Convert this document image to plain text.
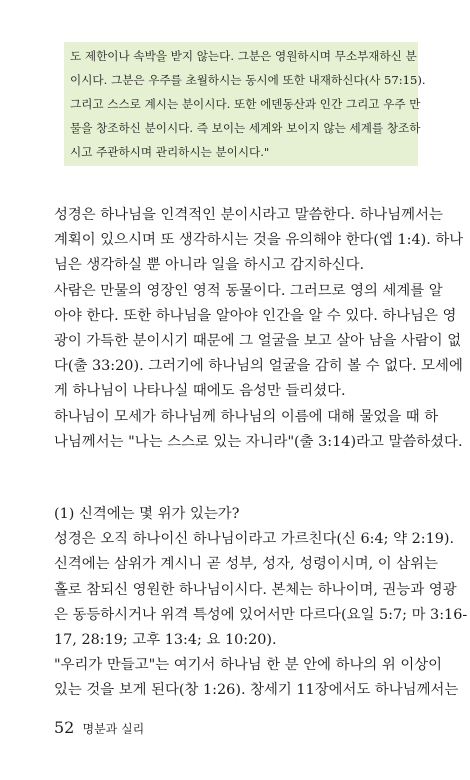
도 제한이나 속박을 받지 않는다. 그분은 영원하시며 무소부재하신 분

이시다. 그분은 우주를 초월하시는 동시에 또한 내재하신다(사 57:15).

그리고 스스로 계시는 분이시다. 또한 에덴동산과 인간 그리고 우주 만

물을 창조하신 분이시다. 즉 보이는 세계와 보이지 않는 세계를 창조하

시고 주관하시며 관리하시는 분이시다."

성경은 하나님을 인격적인 분이시라고 말씀한다. 하나님께서는

계획이 있으시며 또 생각하시는 것을 유의해야 한다(엡 1:4). 하나

님은 생각하실 뿐 아니라 일을 하시고 감지하신다.

사람은 만물의 영장인 영적 동물이다. 그러므로 영의 세계를 알

아야 한다. 또한 하나님을 알아야 인간을 알 수 있다. 하나님은 영

광이 가득한 분이시기 때문에 그 얼굴을 보고 살아 남을 사람이 없

다(출 33:20). 그러기에 하나님의 얼굴을 감히 볼 수 없다. 모세에

게 하나님이 나타나실 때에도 음성만 들리셨다.

하나님이 모세가 하나님께 하나님의 이름에 대해 물었을 때 하

나님께서는 "나는 스스로 있는 자니라"(출 3:14)라고 말씀하셨다.

(1) 신격에는 몇 위가 있는가?

성경은 오직 하나이신 하나님이라고 가르친다(신 6:4; 약 2:19).

신격에는 삼위가 계시니 곧 성부, 성자, 성령이시며, 이 삼위는

홀로 참되신 영원한 하나님이시다. 본체는 하나이며, 권능과 영광

은 동등하시거나 위격 특성에 있어서만 다르다(요일 5:7; 마 3:16-

17, 28:19; 고후 13:4; 요 10:20).

"우리가 만들고"는 여기서 하나님 한 분 안에 하나의 위 이상이

있는 것을 보게 된다(창 1:26). 창세기 11장에서도 하나님께서는

52 명분과 실리
